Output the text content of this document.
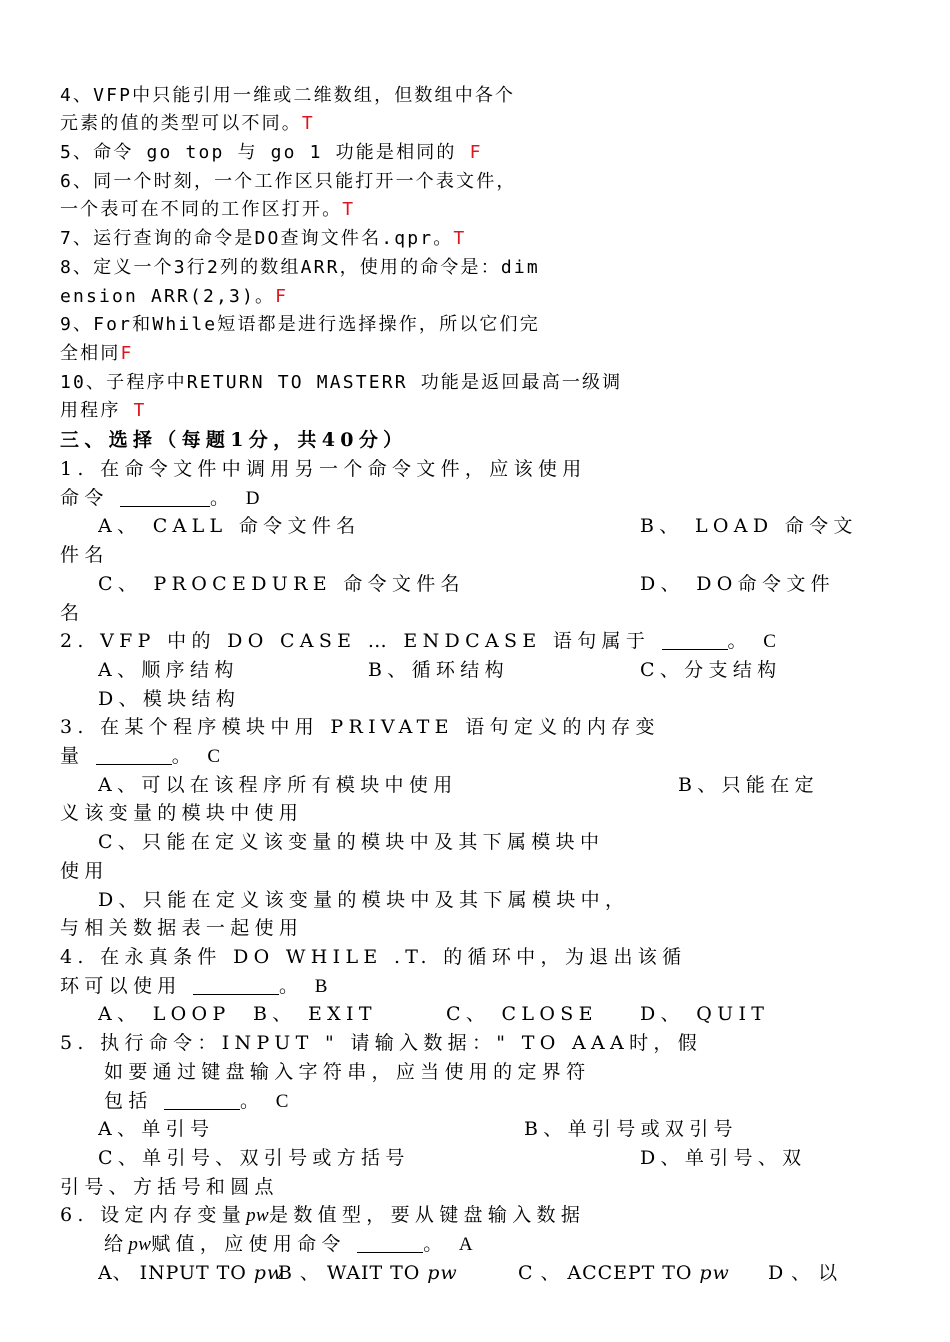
4、VFP中只能引用一维或二维数组，但数组中各个
元素的值的类型可以不同。T
5、命令 go top 与 go 1 功能是相同的 F
6、同一个时刻，一个工作区只能打开一个表文件，
一个表可在不同的工作区打开。T
7、运行查询的命令是DO查询文件名.qpr。T
8、定义一个3行2列的数组ARR，使用的命令是：dim
ension ARR(2,3)。F
9、For和While短语都是进行选择操作，所以它们完
全相同F
10、子程序中RETURN TO MASTERR 功能是返回最高一级调
用程序 T
三、选择（每题1分，共40分）
1. 在命令文件中调用另一个命令文件，应该使用
命令	。 D
A、 CALL 命令文件名	B、 LOAD 命令文
件名
C、 PROCEDURE 命令文件名	D、 DO命令文件
名
2. VFP 中的 DO CASE … ENDCASE 语句属于	。 C
A、顺序结构	B、循环结构	C、分支结构
D、模块结构
3. 在某个程序模块中用 PRIVATE 语句定义的内存变
量	。 C
A、可以在该程序所有模块中使用	B、只能在定
义该变量的模块中使用
C、只能在定义该变量的模块中及其下属模块中
使用
D、只能在定义该变量的模块中及其下属模块中，
与相关数据表一起使用
4. 在永真条件 DO WHILE .T. 的循环中，为退出该循
环可以使用	。 B
A、 LOOP B、 EXIT	C、 CLOSE D、 QUIT
5. 执行命令：INPUT " 请输入数据：" TO AAA时，假
如要通过键盘输入字符串，应当使用的定界符
包括	。 C
A、单引号	B、单引号或双引号
C、单引号、双引号或方括号	D、单引号、双
引号、方括号和圆点
6. 设定内存变量pw是数值型，要从键盘输入数据
给pw赋值，应使用命令	。 A
A、 INPUT TO pw
B 、 WAIT TO pw	C 、 ACCEPT TO pw D 、 以
